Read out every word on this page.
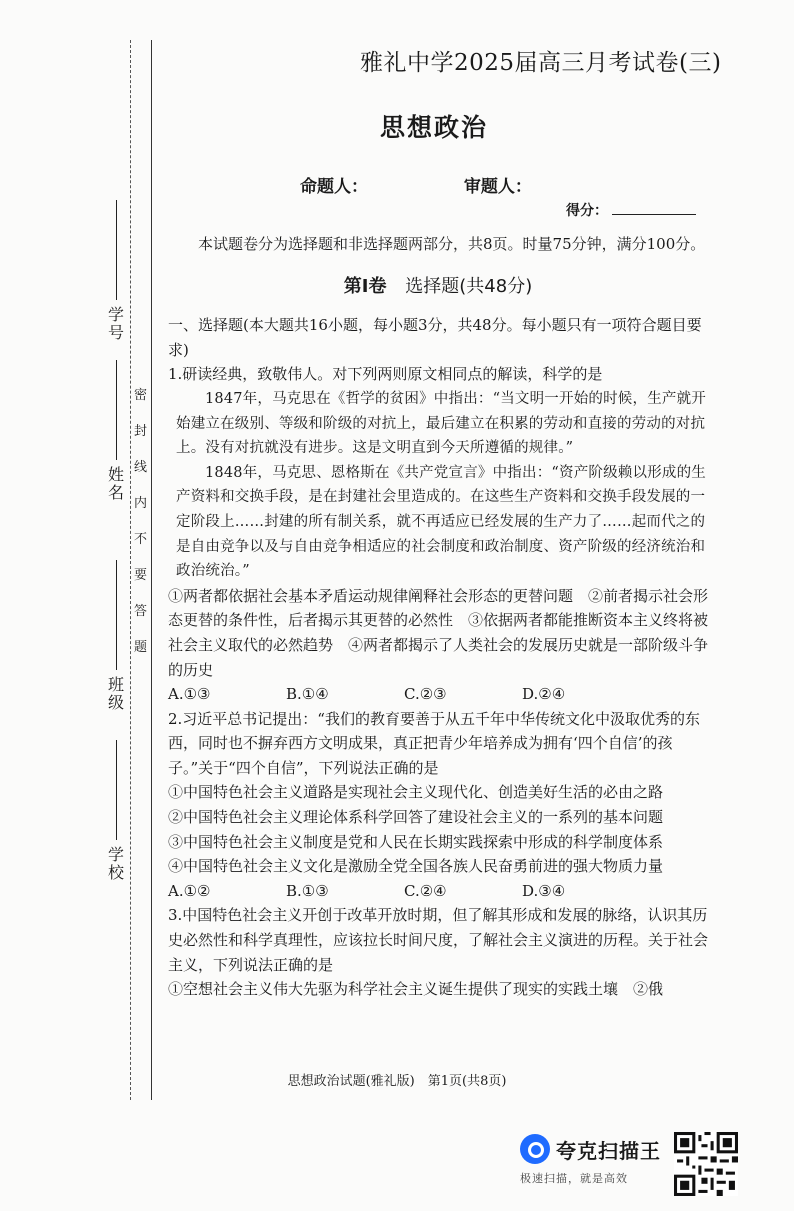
学号
姓名
班级
学校
密
封
线
内
不
要
答
题
雅礼中学2025届高三月考试卷(三)
思想政治
命题人：	审题人：
得分：

本试题卷分为选择题和非选择题两部分，共8页。时量75分钟，满分100分。

第Ⅰ卷 选择题(共48分)

一、选择题(本大题共16小题，每小题3分，共48分。每小题只有一项符合题目要求)

1.研读经典，致敬伟人。对下列两则原文相同点的解读，科学的是

1847年，马克思在《哲学的贫困》中指出：“当文明一开始的时候，生产就开始建立在级别、等级和阶级的对抗上，最后建立在积累的劳动和直接的劳动的对抗上。没有对抗就没有进步。这是文明直到今天所遵循的规律。”

1848年，马克思、恩格斯在《共产党宣言》中指出：“资产阶级赖以形成的生产资料和交换手段，是在封建社会里造成的。在这些生产资料和交换手段发展的一定阶段上……封建的所有制关系，就不再适应已经发展的生产力了……起而代之的是自由竞争以及与自由竞争相适应的社会制度和政治制度、资产阶级的经济统治和政治统治。”

①两者都依据社会基本矛盾运动规律阐释社会形态的更替问题　②前者揭示社会形态更替的条件性，后者揭示其更替的必然性　③依据两者都能推断资本主义终将被社会主义取代的必然趋势　④两者都揭示了人类社会的发展历史就是一部阶级斗争的历史

A.①③	B.①④	C.②③	D.②④

2.习近平总书记提出：“我们的教育要善于从五千年中华传统文化中汲取优秀的东西，同时也不摒弃西方文明成果，真正把青少年培养成为拥有‘四个自信’的孩子。”关于“四个自信”，下列说法正确的是

①中国特色社会主义道路是实现社会主义现代化、创造美好生活的必由之路

②中国特色社会主义理论体系科学回答了建设社会主义的一系列的基本问题

③中国特色社会主义制度是党和人民在长期实践探索中形成的科学制度体系

④中国特色社会主义文化是激励全党全国各族人民奋勇前进的强大物质力量

A.①②	B.①③	C.②④	D.③④

3.中国特色社会主义开创于改革开放时期，但了解其形成和发展的脉络，认识其历史必然性和科学真理性，应该拉长时间尺度，了解社会主义演进的历程。关于社会主义，下列说法正确的是

①空想社会主义伟大先驱为科学社会主义诞生提供了现实的实践土壤　②俄

思想政治试题(雅礼版)　第1页(共8页)
夸克扫描王
极速扫描，就是高效
